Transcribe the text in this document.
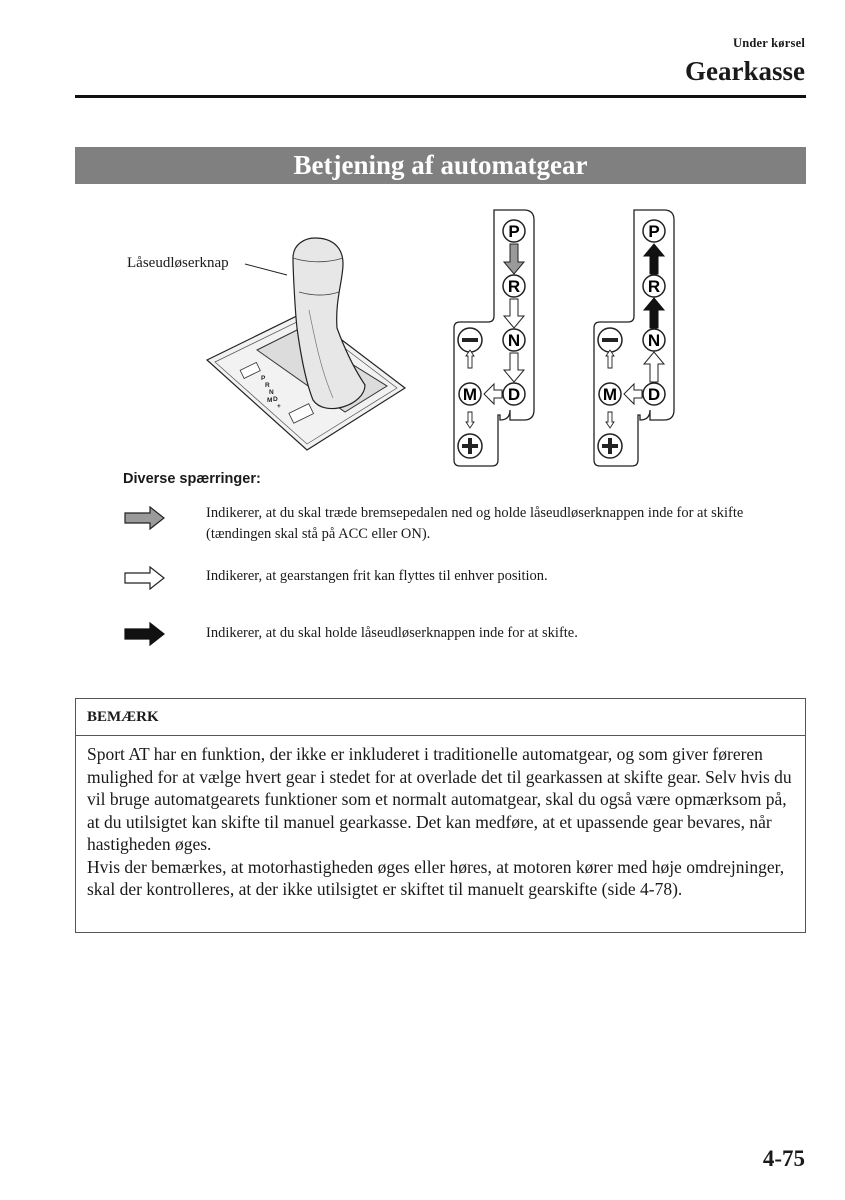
Under kørsel
Gearkasse
Betjening af automatgear
Låseudløserknap
P
R
N
D
M
+
P
R
N
D
M
P
R
N
D
M
Diverse spærringer:
Indikerer, at du skal træde bremsepedalen ned og holde låseudløserknappen inde for at skifte (tændingen skal stå på ACC eller ON).
Indikerer, at gearstangen frit kan flyttes til enhver position.
Indikerer, at du skal holde låseudløserknappen inde for at skifte.
BEMÆRK
Sport AT har en funktion, der ikke er inkluderet i traditionelle automatgear, og som giver føreren mulighed for at vælge hvert gear i stedet for at overlade det til gearkassen at skifte gear. Selv hvis du vil bruge automatgearets funktioner som et normalt automatgear, skal du også være opmærksom på, at du utilsigtet kan skifte til manuel gearkasse. Det kan medføre, at et upassende gear bevares, når hastigheden øges.
Hvis der bemærkes, at motorhastigheden øges eller høres, at motoren kører med høje omdrejninger, skal der kontrolleres, at der ikke utilsigtet er skiftet til manuelt gearskifte (side 4-78).
4-75
